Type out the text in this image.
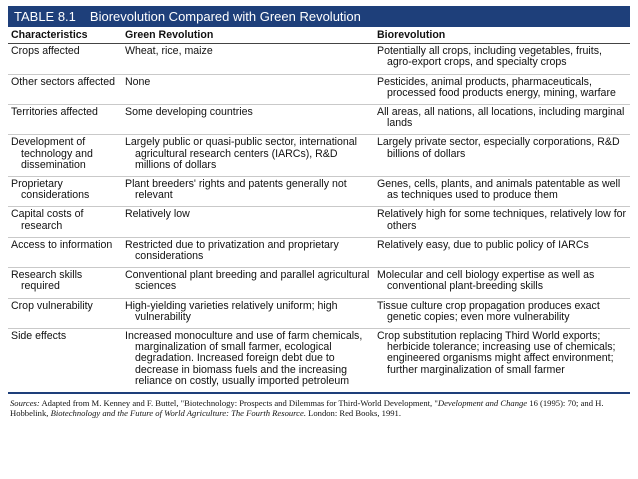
TABLE 8.1 Biorevolution Compared with Green Revolution
Characteristics	Green Revolution	Biorevolution

Crops affected	Wheat, rice, maize	Potentially all crops, including vegetables, fruits, agro-export crops, and specialty crops

Other sectors affected	None	Pesticides, animal products, pharmaceuticals, processed food products energy, mining, warfare

Territories affected	Some developing countries	All areas, all nations, all locations, including marginal lands

Development of technology and dissemination	Largely public or quasi-public sector, international agricultural research centers (IARCs), R&D millions of dollars	Largely private sector, especially corporations, R&D billions of dollars

Proprietary considerations	Plant breeders' rights and patents generally not relevant	Genes, cells, plants, and animals patentable as well as techniques used to produce them

Capital costs of research	Relatively low	Relatively high for some techniques, relatively low for others

Access to information	Restricted due to privatization and proprietary considerations	Relatively easy, due to public policy of IARCs

Research skills required	Conventional plant breeding and parallel agricultural sciences	Molecular and cell biology expertise as well as conventional plant-breeding skills

Crop vulnerability	High-yielding varieties relatively uniform; high vulnerability	Tissue culture crop propagation produces exact genetic copies; even more vulnerability

Side effects	Increased monoculture and use of farm chemicals, marginalization of small farmer, ecological degradation. Increased foreign debt due to decrease in biomass fuels and the increasing reliance on costly, usually imported petroleum	Crop substitution replacing Third World exports; herbicide tolerance; increasing use of chemicals; engineered organisms might affect environment; further marginalization of small farmer
Sources: Adapted from M. Kenney and F. Buttel, "Biotechnology: Prospects and Dilemmas for Third-World Development, "Development and Change 16 (1995): 70; and H. Hobbelink, Biotechnology and the Future of World Agriculture: The Fourth Resource. London: Red Books, 1991.
